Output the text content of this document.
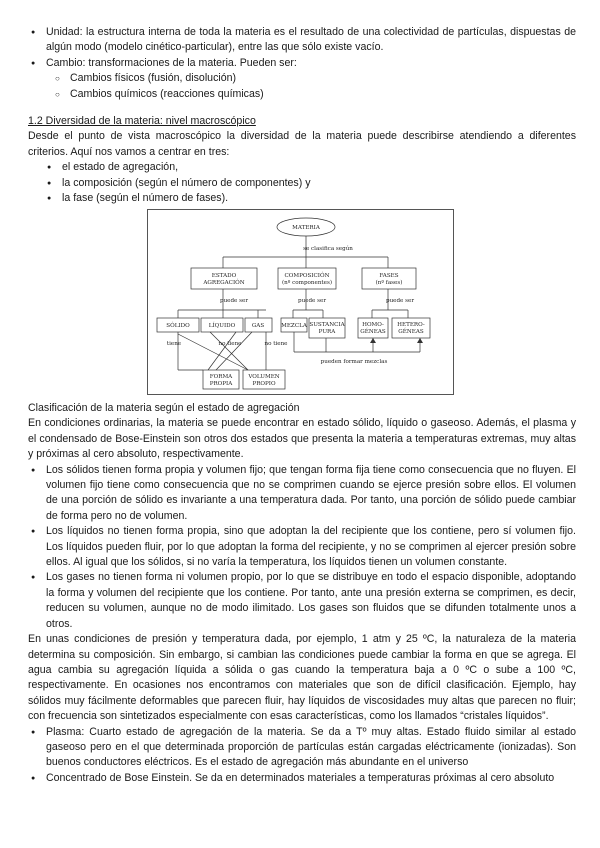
● Unidad: la estructura interna de toda la materia es el resultado de una colectividad de partículas, dispuestas de algún modo (modelo cinético-particular), entre las que sólo existe vacío.
● Cambio: transformaciones de la materia. Pueden ser:
○ Cambios físicos (fusión, disolución)
○ Cambios químicos (reacciones químicas)

1.2 Diversidad de la materia: nivel macroscópico

Desde el punto de vista macroscópico la diversidad de la materia puede describirse atendiendo a diferentes criterios. Aquí nos vamos a centrar en tres:

● el estado de agregación,
● la composición (según el número de componentes) y
● la fase (según el número de fases).
MATERIA
se clasifica según
ESTADO
AGREGACIÓN
COMPOSICIÓN
(nº componentes)
FASES
(nº fases)
puede ser	puede ser	puede ser
SÓLIDO	LÍQUIDO	GAS	MEZCLA SUSTANCIA
PURA
HOMO-
GÉNEAS
HETERO-
GÉNEAS
FORMA
PROPIA
VOLUMEN
PROPIO
tiene	no tiene	no tiene
pueden formar mezclas

Clasificación de la materia según el estado de agregación

En condiciones ordinarias, la materia se puede encontrar en estado sólido, líquido o gaseoso. Además, el plasma y el condensado de Bose-Einstein son otros dos estados que presenta la materia a temperaturas extremas, muy altas y próximas al cero absoluto, respectivamente.

● Los sólidos tienen forma propia y volumen fijo; que tengan forma fija tiene como consecuencia que no fluyen. El volumen fijo tiene como consecuencia que no se comprimen cuando se ejerce presión sobre ellos. El volumen de una porción de sólido es invariante a una temperatura dada. Por tanto, una porción de sólido puede cambiar de forma pero no de volumen.
● Los líquidos no tienen forma propia, sino que adoptan la del recipiente que los contiene, pero sí volumen fijo. Los líquidos pueden fluir, por lo que adoptan la forma del recipiente, y no se comprimen al ejercer presión sobre ellos. Al igual que los sólidos, si no varía la temperatura, los líquidos tienen un volumen constante.
● Los gases no tienen forma ni volumen propio, por lo que se distribuye en todo el espacio disponible, adoptando la forma y volumen del recipiente que los contiene. Por tanto, ante una presión externa se comprimen, es decir, reducen su volumen, aunque no de modo ilimitado. Los gases son fluidos que se difunden totalmente unos a otros.

En unas condiciones de presión y temperatura dada, por ejemplo, 1 atm y 25 ºC, la naturaleza de la materia determina su composición. Sin embargo, si cambian las condiciones puede cambiar la forma en que se agrega. El agua cambia su agregación líquida a sólida o gas cuando la temperatura baja a 0 ºC o sube a 100 ºC, respectivamente. En ocasiones nos encontramos con materiales que son de difícil clasificación. Ejemplo, hay sólidos muy fácilmente deformables que parecen fluir, hay líquidos de viscosidades muy altas que parecen no fluir; con frecuencia son sintetizados especialmente con esas características, como los llamados “cristales líquidos”.

● Plasma: Cuarto estado de agregación de la materia. Se da a Tº muy altas. Estado fluido similar al estado gaseoso pero en el que determinada proporción de partículas están cargadas eléctricamente (ionizadas). Son buenos conductores eléctricos. Es el estado de agregación más abundante en el universo
● Concentrado de Bose Einstein. Se da en determinados materiales a temperaturas próximas al cero absoluto
